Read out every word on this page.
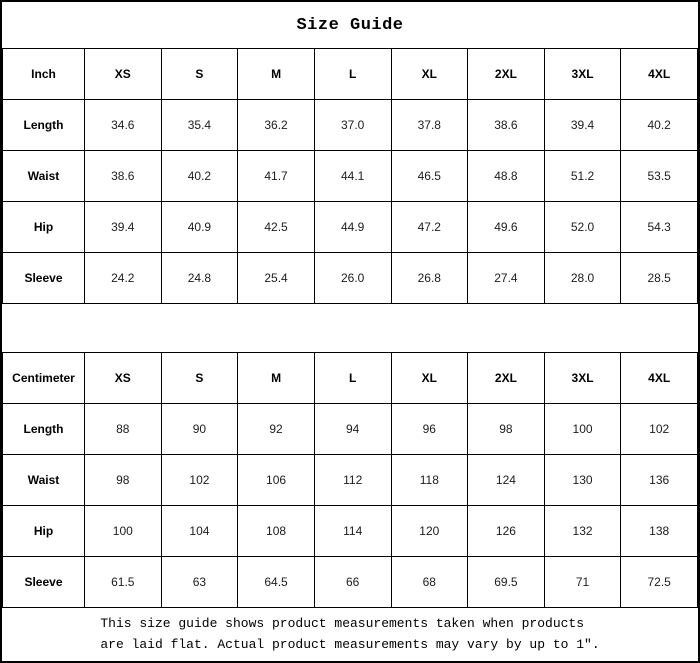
Size Guide
Inch	XS	S	M	L	XL	2XL	3XL	4XL
Length	34.6	35.4	36.2	37.0	37.8	38.6	39.4	40.2
Waist	38.6	40.2	41.7	44.1	46.5	48.8	51.2	53.5
Hip	39.4	40.9	42.5	44.9	47.2	49.6	52.0	54.3
Sleeve	24.2	24.8	25.4	26.0	26.8	27.4	28.0	28.5
Centimeter	XS	S	M	L	XL	2XL	3XL	4XL
Length	88	90	92	94	96	98	100	102
Waist	98	102	106	112	118	124	130	136
Hip	100	104	108	114	120	126	132	138
Sleeve	61.5	63	64.5	66	68	69.5	71	72.5
This size guide shows product measurements taken when products
are laid flat. Actual product measurements may vary by up to 1″.
